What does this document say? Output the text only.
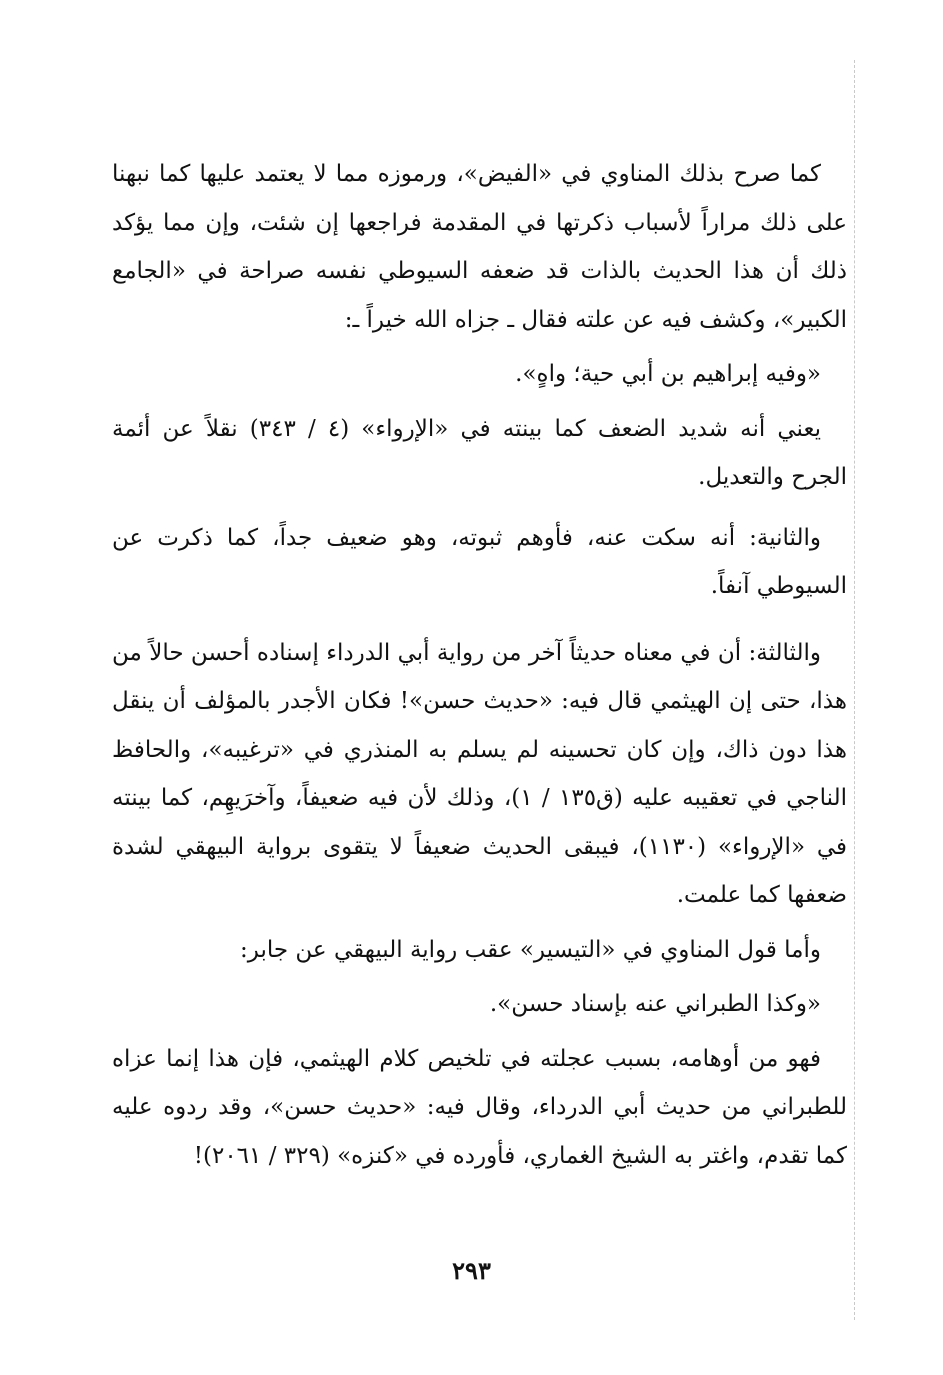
كما صرح بذلك المناوي في «الفيض»، ورموزه مما لا يعتمد عليها كما نبهنا على ذلك مراراً لأسباب ذكرتها في المقدمة فراجعها إن شئت، وإن مما يؤكد ذلك أن هذا الحديث بالذات قد ضعفه السيوطي نفسه صراحة في «الجامع الكبير»، وكشف فيه عن علته فقال ـ جزاه الله خيراً ـ:

«وفيه إبراهيم بن أبي حية؛ واهٍ».

يعني أنه شديد الضعف كما بينته في «الإرواء» (٤ / ٣٤٣) نقلاً عن أئمة الجرح والتعديل.

والثانية: أنه سكت عنه، فأوهم ثبوته، وهو ضعيف جداً، كما ذكرت عن السيوطي آنفاً.

والثالثة: أن في معناه حديثاً آخر من رواية أبي الدرداء إسناده أحسن حالاً من هذا، حتى إن الهيثمي قال فيه: «حديث حسن»! فكان الأجدر بالمؤلف أن ينقل هذا دون ذاك، وإن كان تحسينه لم يسلم به المنذري في «ترغيبه»، والحافظ الناجي في تعقيبه عليه (ق١٣٥ / ١)، وذلك لأن فيه ضعيفاً، وآخرَيهِم، كما بينته في «الإرواء» (١١٣٠)، فيبقى الحديث ضعيفاً لا يتقوى برواية البيهقي لشدة ضعفها كما علمت.

وأما قول المناوي في «التيسير» عقب رواية البيهقي عن جابر:

«وكذا الطبراني عنه بإسناد حسن».

فهو من أوهامه، بسبب عجلته في تلخيص كلام الهيثمي، فإن هذا إنما عزاه للطبراني من حديث أبي الدرداء، وقال فيه: «حديث حسن»، وقد ردوه عليه كما تقدم، واغتر به الشيخ الغماري، فأورده في «كنزه» (٣٢٩ / ٢٠٦١)!

٢٩٣
